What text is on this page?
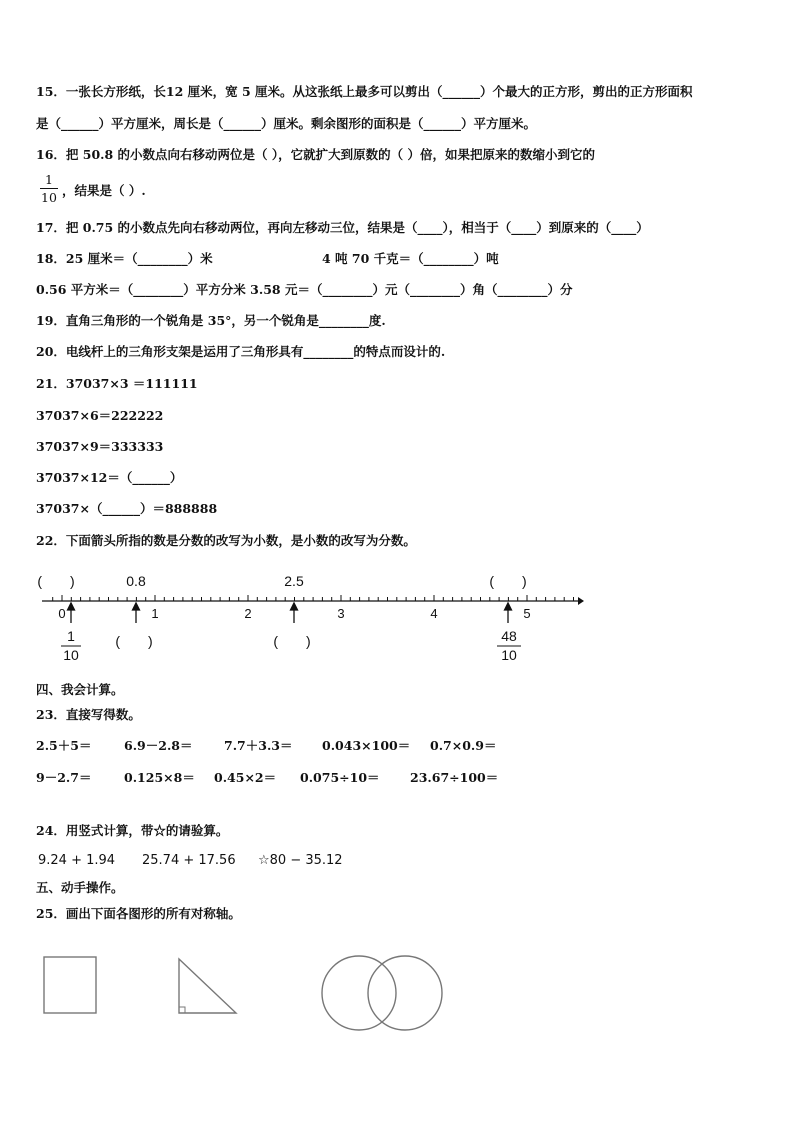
15．一张长方形纸，长12 厘米，宽 5 厘米。从这张纸上最多可以剪出（______）个最大的正方形，剪出的正方形面积
是（______）平方厘米，周长是（______）厘米。剩余图形的面积是（______）平方厘米。
16．把 50.8 的小数点向右移动两位是（ ），它就扩大到原数的（ ）倍，如果把原来的数缩小到它的
1
10 ，结果是（ ）.
17．把 0.75 的小数点先向右移动两位，再向左移动三位，结果是（____），相当于（____）到原来的（____）
18．25 厘米＝（________）米	4 吨 70 千克＝（________）吨
0.56 平方米＝（________）平方分米 3.58 元＝（________）元（________）角（________）分
19．直角三角形的一个锐角是 35°，另一个锐角是________度.
20．电线杆上的三角形支架是运用了三角形具有________的特点而设计的.
21．37037×3 ＝111111
37037×6＝222222
37037×9＝333333
37037×12＝（______）
37037×（______）＝888888
22．下面箭头所指的数是分数的改写为小数，是小数的改写为分数。
(　　)	0.8	2.5	(　　)
0	1	2	3	4	5
1
10
(　　)	(　　)	48
10
四、我会计算。
23．直接写得数。
2.5＋5＝	6.9－2.8＝	7.7＋3.3＝ 0.043×100＝ 0.7×0.9＝
9－2.7＝	0.125×8＝ 0.45×2＝ 0.075÷10＝ 23.67÷100＝
24．用竖式计算，带☆的请验算。
9.24 + 1.94 25.74 + 17.56 ☆80 − 35.12
五、动手操作。
25．画出下面各图形的所有对称轴。
